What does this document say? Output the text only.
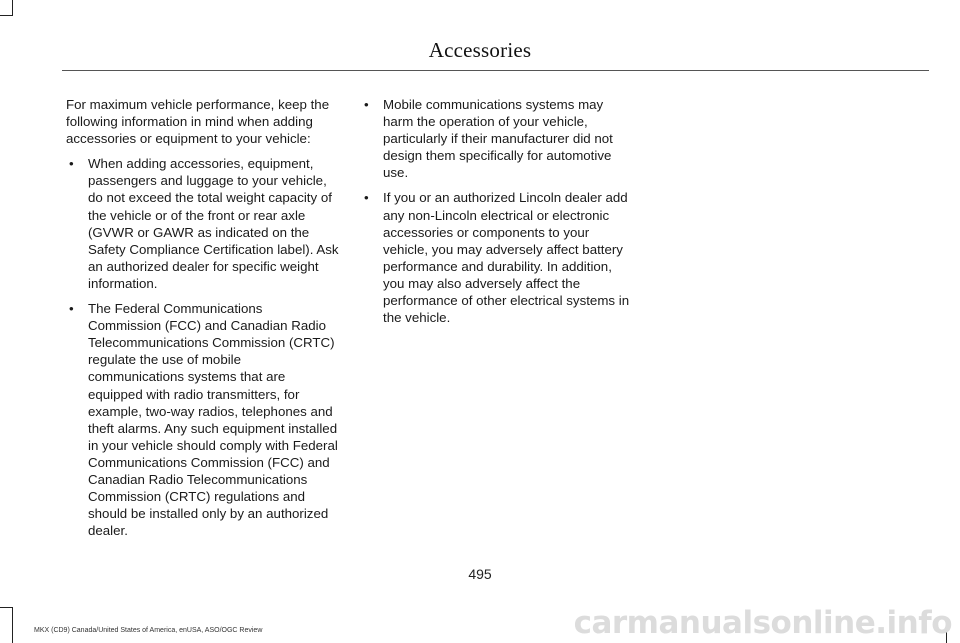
Accessories

For maximum vehicle performance, keep the following information in mind when adding accessories or equipment to your vehicle:

• When adding accessories, equipment, passengers and luggage to your vehicle, do not exceed the total weight capacity of the vehicle or of the front or rear axle (GVWR or GAWR as indicated on the Safety Compliance Certification label). Ask an authorized dealer for specific weight information.
• The Federal Communications Commission (FCC) and Canadian Radio Telecommunications Commission (CRTC) regulate the use of mobile communications systems that are equipped with radio transmitters, for example, two-way radios, telephones and theft alarms. Any such equipment installed in your vehicle should comply with Federal Communications Commission (FCC) and Canadian Radio Telecommunications Commission (CRTC) regulations and should be installed only by an authorized dealer.
• Mobile communications systems may harm the operation of your vehicle, particularly if their manufacturer did not design them specifically for automotive use.
• If you or an authorized Lincoln dealer add any non-Lincoln electrical or electronic accessories or components to your vehicle, you may adversely affect battery performance and durability. In addition, you may also adversely affect the performance of other electrical systems in the vehicle.
495
MKX (CD9) Canada/United States of America, enUSA, ASO/OGC Review	carmanualsonline.info
